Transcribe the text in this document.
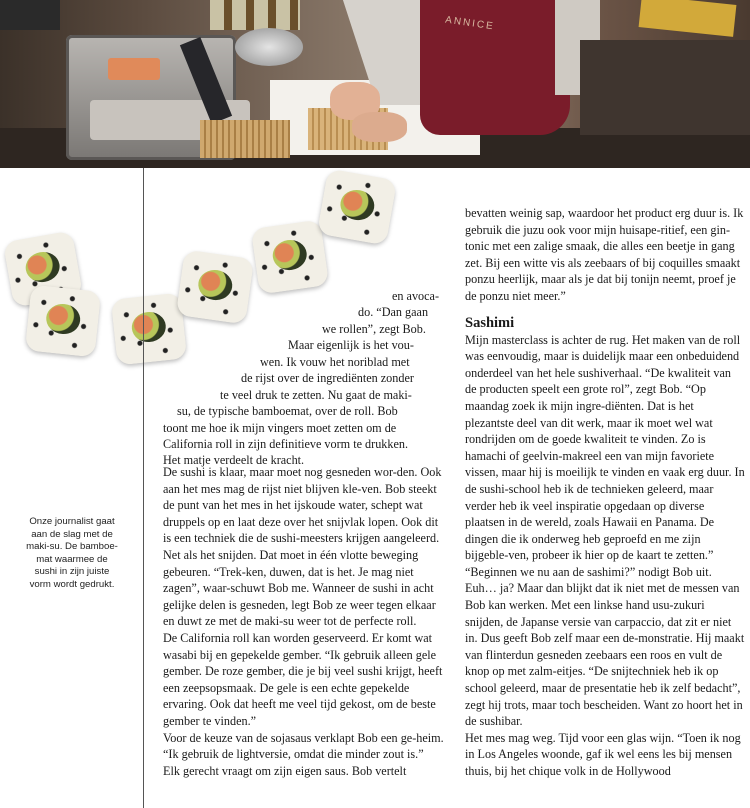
ANNICE
Onze journalist gaat
aan de slag met de
maki-su. De bamboe-
mat waarmee de
sushi in zijn juiste
vorm wordt gedrukt.

en avoca-

do. “Dan gaan

we rollen”, zegt Bob.

Maar eigenlijk is het vou-

wen. Ik vouw het noriblad met

de rijst over de ingrediënten zonder

te veel druk te zetten. Nu gaat de maki-

su, de typische bamboemat, over de roll. Bob

toont me hoe ik mijn vingers moet zetten om de

California roll in zijn definitieve vorm te drukken.

Het matje verdeelt de kracht.

De sushi is klaar, maar moet nog gesneden wor-den. Ook aan het mes mag de rijst niet blijven kle-ven. Bob steekt de punt van het mes in het ijskoude water, schept wat druppels op en laat deze over het snijvlak lopen. Ook dit is een techniek die de sushi-meesters krijgen aangeleerd. Net als het snijden. Dat moet in één vlotte beweging gebeuren. “Trek-ken, duwen, dat is het. Je mag niet zagen”, waar-schuwt Bob me. Wanneer de sushi in acht gelijke delen is gesneden, legt Bob ze weer tegen elkaar en duwt ze met de maki-su weer tot de perfecte roll.

De California roll kan worden geserveerd. Er komt wat wasabi bij en gepekelde gember. “Ik gebruik alleen gele gember. De roze gember, die je bij veel sushi krijgt, heeft een zeepsopsmaak. De gele is een echte gepekelde ervaring. Ook dat heeft me veel tijd gekost, om de beste gember te vinden.”

Voor de keuze van de sojasaus verklapt Bob een ge-heim. “Ik gebruik de lightversie, omdat die minder zout is.”

Elk gerecht vraagt om zijn eigen saus. Bob vertelt

bevatten weinig sap, waardoor het product erg duur is. Ik gebruik die juzu ook voor mijn huisape-ritief, een gin-tonic met een zalige smaak, die alles een beetje in gang zet. Bij een witte vis als zeebaars of bij coquilles smaakt ponzu heerlijk, maar als je dat bij tonijn neemt, proef je de ponzu niet meer.”

Sashimi

Mijn masterclass is achter de rug. Het maken van de roll was eenvoudig, maar is duidelijk maar een onbeduidend onderdeel van het hele sushiverhaal. “De kwaliteit van de producten speelt een grote rol”, zegt Bob. “Op maandag zoek ik mijn ingre-diënten. Dat is het plezantste deel van dit werk, maar ik moet wel wat rondrijden om de goede kwaliteit te vinden. Zo is hamachi of geelvin-makreel een van mijn favoriete vissen, maar hij is moeilijk te vinden en vaak erg duur. In de sushi-school heb ik de technieken geleerd, maar verder heb ik veel inspiratie opgedaan op diverse plaatsen in de wereld, zoals Hawaii en Panama. De dingen die ik onderweg heb geproefd en me zijn bijgeble-ven, probeer ik hier op de kaart te zetten.”

“Beginnen we nu aan de sashimi?” nodigt Bob uit. Euh… ja? Maar dan blijkt dat ik niet met de messen van Bob kan werken. Met een linkse hand usu-zukuri snijden, de Japanse versie van carpaccio, dat zit er niet in. Dus geeft Bob zelf maar een de-monstratie. Hij maakt van flinterdun gesneden zeebaars een roos en vult de knop op met zalm-eitjes. “De snijtechniek heb ik op school geleerd, maar de presentatie heb ik zelf bedacht”, zegt hij trots, maar toch bescheiden. Want zo hoort het in de sushibar.

Het mes mag weg. Tijd voor een glas wijn. “Toen ik nog in Los Angeles woonde, gaf ik wel eens les bij mensen thuis, bij het chique volk in de Hollywood
